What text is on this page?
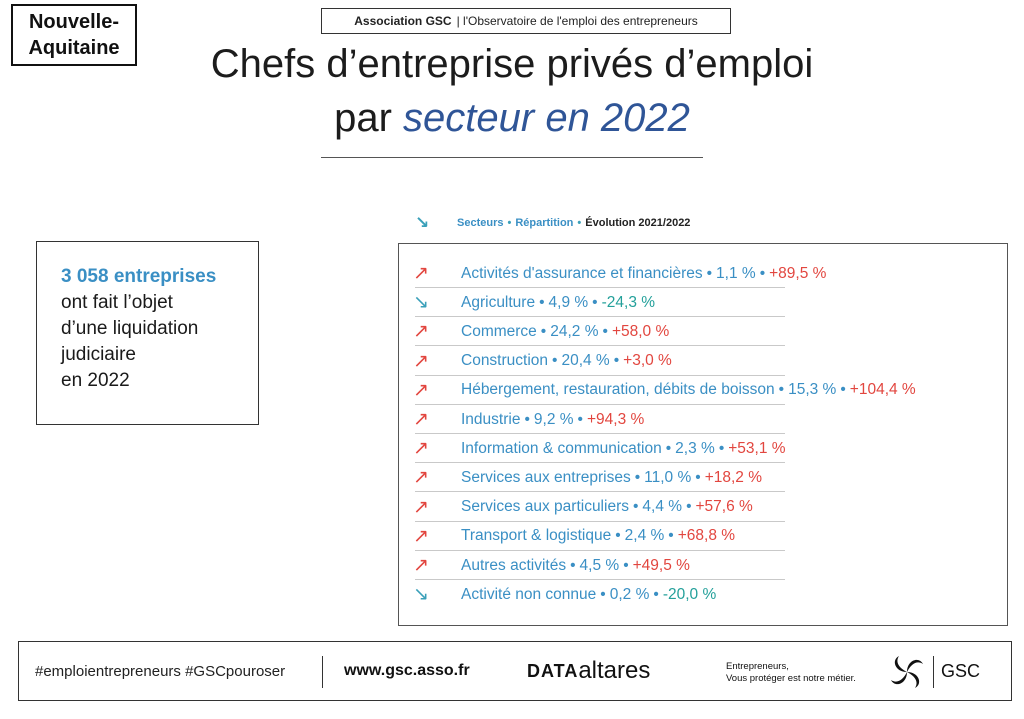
Nouvelle-
Aquitaine
Association GSC | l'Observatoire de l'emploi des entrepreneurs
Chefs d’entreprise privés d’emploi
par secteur en 2022
↘	Secteurs • Répartition • Évolution 2021/2022
3 058 entreprises
ont fait l’objet
d’une liquidation
judiciaire
en 2022
↗	Activités d'assurance et financières • 1,1 % • +89,5 %
↘	Agriculture • 4,9 % • -24,3 %
↗	Commerce • 24,2 % • +58,0 %
↗	Construction • 20,4 % • +3,0 %
↗	Hébergement, restauration, débits de boisson • 15,3 % • +104,4 %
↗	Industrie • 9,2 % • +94,3 %
↗	Information & communication • 2,3 % • +53,1 %
↗	Services aux entreprises • 11,0 % • +18,2 %
↗	Services aux particuliers • 4,4 % • +57,6 %
↗	Transport & logistique • 2,4 % • +68,8 %
↗	Autres activités • 4,5 % • +49,5 %
↘	Activité non connue • 0,2 % • -20,0 %
#emploientrepreneurs #GSCpouroser	www.gsc.asso.fr	DATA altares	Entrepreneurs,
Vous protéger est notre métier.	GSC
